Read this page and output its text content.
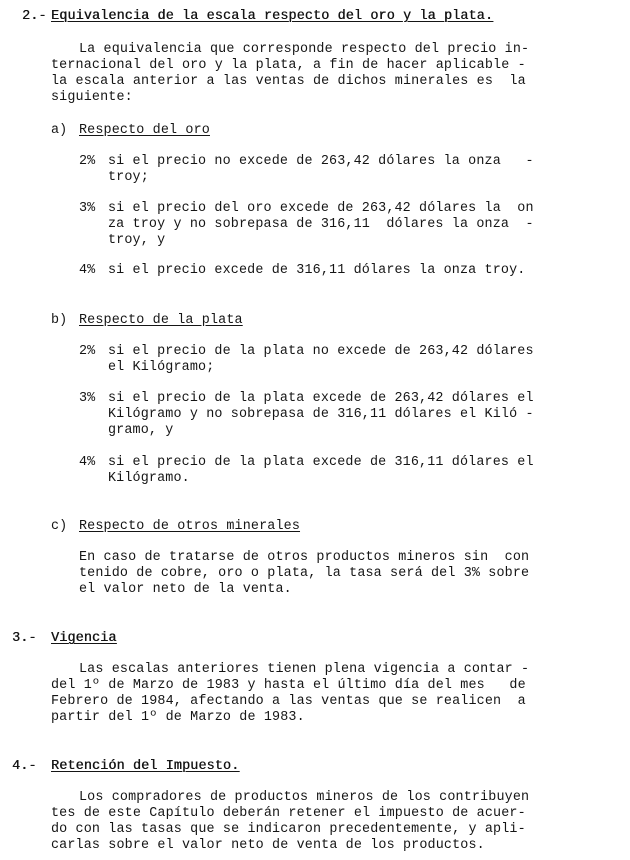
2.- Equivalencia de la escala respecto del oro y la plata.
La equivalencia que corresponde respecto del precio in-
ternacional del oro y la plata, a fin de hacer aplicable -
la escala anterior a las ventas de dichos minerales es  la
siguiente:
a) Respecto del oro
2% si el precio no excede de 263,42 dólares la onza   -
troy;
3% si el precio del oro excede de 263,42 dólares la  on
za troy y no sobrepasa de 316,11  dólares la onza  -
troy, y
4% si el precio excede de 316,11 dólares la onza troy.
b) Respecto de la plata
2% si el precio de la plata no excede de 263,42 dólares
el Kilógramo;
3% si el precio de la plata excede de 263,42 dólares el
Kilógramo y no sobrepasa de 316,11 dólares el Kiló -
gramo, y
4% si el precio de la plata excede de 316,11 dólares el
Kilógramo.
c) Respecto de otros minerales
En caso de tratarse de otros productos mineros sin  con
tenido de cobre, oro o plata, la tasa será del 3% sobre
el valor neto de la venta.
3.- Vigencia
Las escalas anteriores tienen plena vigencia a contar -
del 1º de Marzo de 1983 y hasta el último día del mes   de
Febrero de 1984, afectando a las ventas que se realicen  a
partir del 1º de Marzo de 1983.
4.- Retención del Impuesto.
Los compradores de productos mineros de los contribuyen
tes de este Capítulo deberán retener el impuesto de acuer-
do con las tasas que se indicaron precedentemente, y apli-
carlas sobre el valor neto de venta de los productos.
